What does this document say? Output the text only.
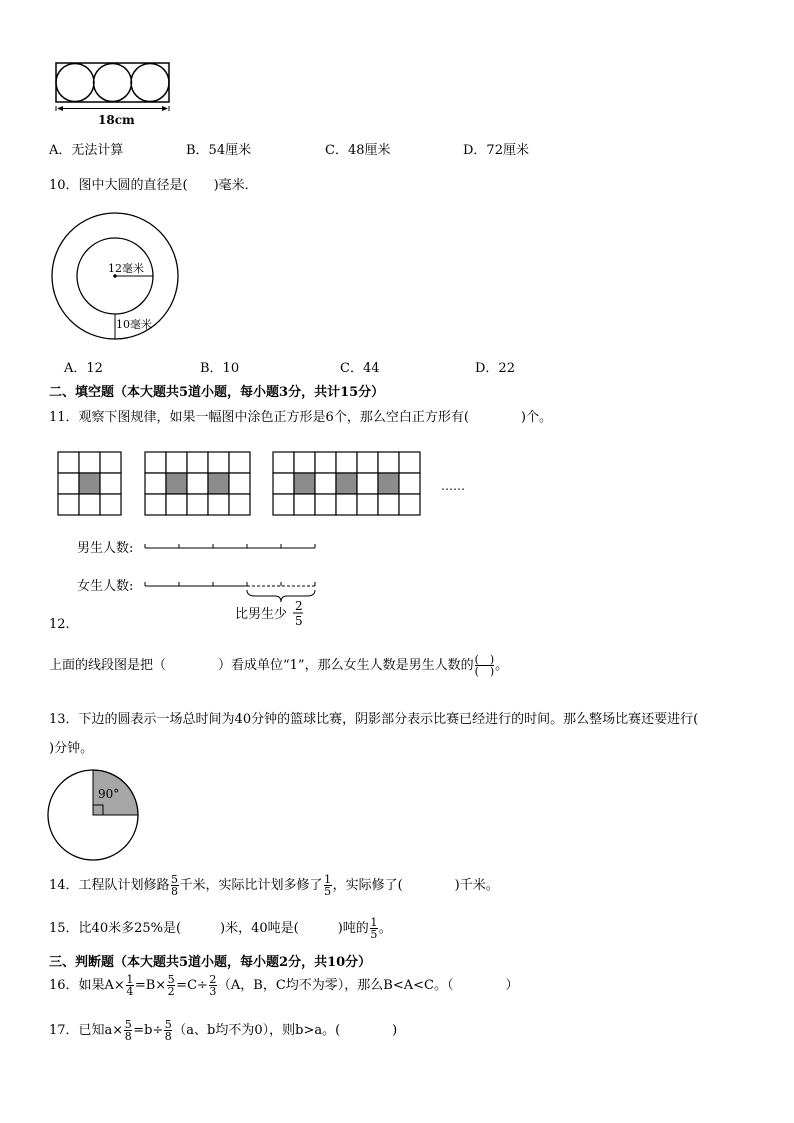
18cm
A．无法计算	B．54厘米	C．48厘米	D．72厘米
10．图中大圆的直径是(　　)毫米．
12毫米
10毫米
A．12	B．10	C．44	D．22
二、填空题（本大题共5道小题，每小题3分，共计15分）
11．观察下图规律，如果一幅图中涂色正方形是6个，那么空白正方形有(　　　　)个。
……
男生人数:
女生人数:
比男生少
2
5
12.
上面的线段图是把（　　　　）看成单位“1”，那么女生人数是男生人数的 $\frac{( )}{( )}$ 。
13．下边的圆表示一场总时间为40分钟的篮球比赛，阴影部分表示比赛已经进行的时间。那么整场比赛还要进行(
)分钟。
90°
14．工程队计划修路 $\frac{5}{8}$ 千米，实际比计划多修了 $\frac{1}{5}$ ，实际修了(　　　　)千米。
15．比40米多25%是(　　　)米，40吨是(　　　)吨的 $\frac{1}{5}$ 。
三、判断题（本大题共5道小题，每小题2分，共10分）
16．如果$A\times \frac{1}{4} =B\times \frac{5}{2} =C\div \frac{2}{3} (A$，B，C均不为零），那么B<A<C。（　　　　）
17．已知$a\times \frac{5}{8} =b\div \frac{5}{8} (a$、b均不为0），则b>a。(　　　　)
